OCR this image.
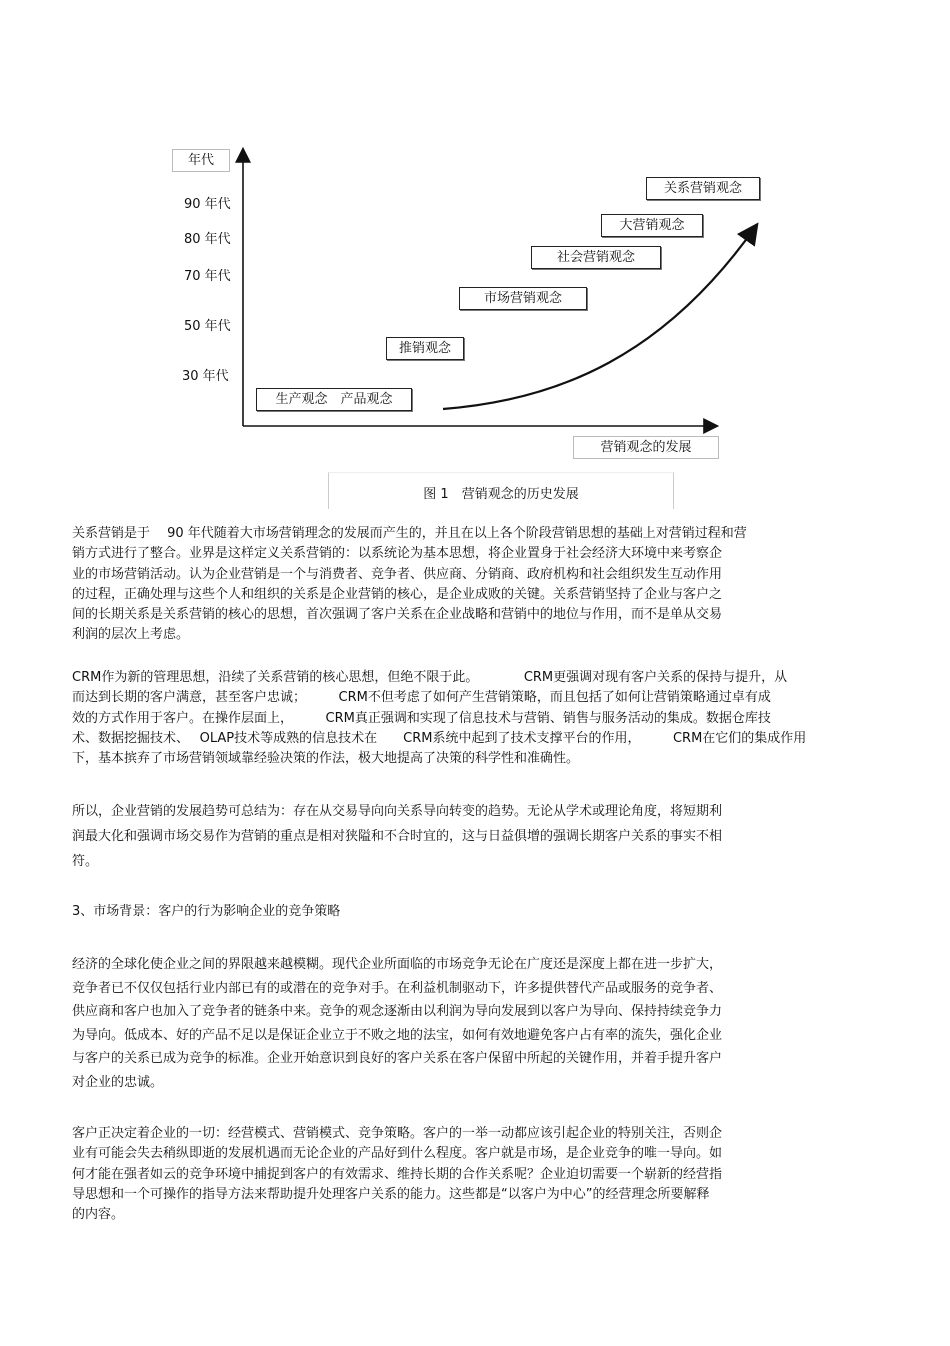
年代
90 年代
80 年代
70 年代
50 年代
30 年代
生产观念　产品观念
推销观念
市场营销观念
社会营销观念
大营销观念
关系营销观念
营销观念的发展
图 1　营销观念的历史发展
关系营销是于　 90 年代随着大市场营销理念的发展而产生的，并且在以上各个阶段营销思想的基础上对营销过程和营
销方式进行了整合。业界是这样定义关系营销的：以系统论为基本思想，将企业置身于社会经济大环境中来考察企
业的市场营销活动。认为企业营销是一个与消费者、竞争者、供应商、分销商、政府机构和社会组织发生互动作用
的过程，正确处理与这些个人和组织的关系是企业营销的核心，是企业成败的关键。关系营销坚持了企业与客户之
间的长期关系是关系营销的核心的思想，首次强调了客户关系在企业战略和营销中的地位与作用，而不是单从交易
利润的层次上考虑。
CRM作为新的管理思想，沿续了关系营销的核心思想，但绝不限于此。　　　　CRM更强调对现有客户关系的保持与提升，从
而达到长期的客户满意，甚至客户忠诚；　　　CRM不但考虑了如何产生营销策略，而且包括了如何让营销策略通过卓有成
效的方式作用于客户。在操作层面上，　　　CRM真正强调和实现了信息技术与营销、销售与服务活动的集成。数据仓库技
术、数据挖掘技术、　 OLAP技术等成熟的信息技术在　　CRM系统中起到了技术支撑平台的作用，　　　CRM在它们的集成作用
下，基本摈弃了市场营销领域靠经验决策的作法，极大地提高了决策的科学性和准确性。
所以，企业营销的发展趋势可总结为：存在从交易导向向关系导向转变的趋势。无论从学术或理论角度，将短期利
润最大化和强调市场交易作为营销的重点是相对狭隘和不合时宜的，这与日益俱增的强调长期客户关系的事实不相
符。
3、市场背景：客户的行为影响企业的竞争策略
经济的全球化使企业之间的界限越来越模糊。现代企业所面临的市场竞争无论在广度还是深度上都在进一步扩大，
竞争者已不仅仅包括行业内部已有的或潜在的竞争对手。在利益机制驱动下，许多提供替代产品或服务的竞争者、
供应商和客户也加入了竞争者的链条中来。竞争的观念逐渐由以利润为导向发展到以客户为导向、保持持续竞争力
为导向。低成本、好的产品不足以是保证企业立于不败之地的法宝，如何有效地避免客户占有率的流失，强化企业
与客户的关系已成为竞争的标准。企业开始意识到良好的客户关系在客户保留中所起的关键作用，并着手提升客户
对企业的忠诚。
客户正决定着企业的一切：经营模式、营销模式、竞争策略。客户的一举一动都应该引起企业的特别关注，否则企
业有可能会失去稍纵即逝的发展机遇而无论企业的产品好到什么程度。客户就是市场，是企业竞争的唯一导向。如
何才能在强者如云的竞争环境中捕捉到客户的有效需求、维持长期的合作关系呢？企业迫切需要一个崭新的经营指
导思想和一个可操作的指导方法来帮助提升处理客户关系的能力。这些都是“以客户为中心”的经营理念所要解释
的内容。
